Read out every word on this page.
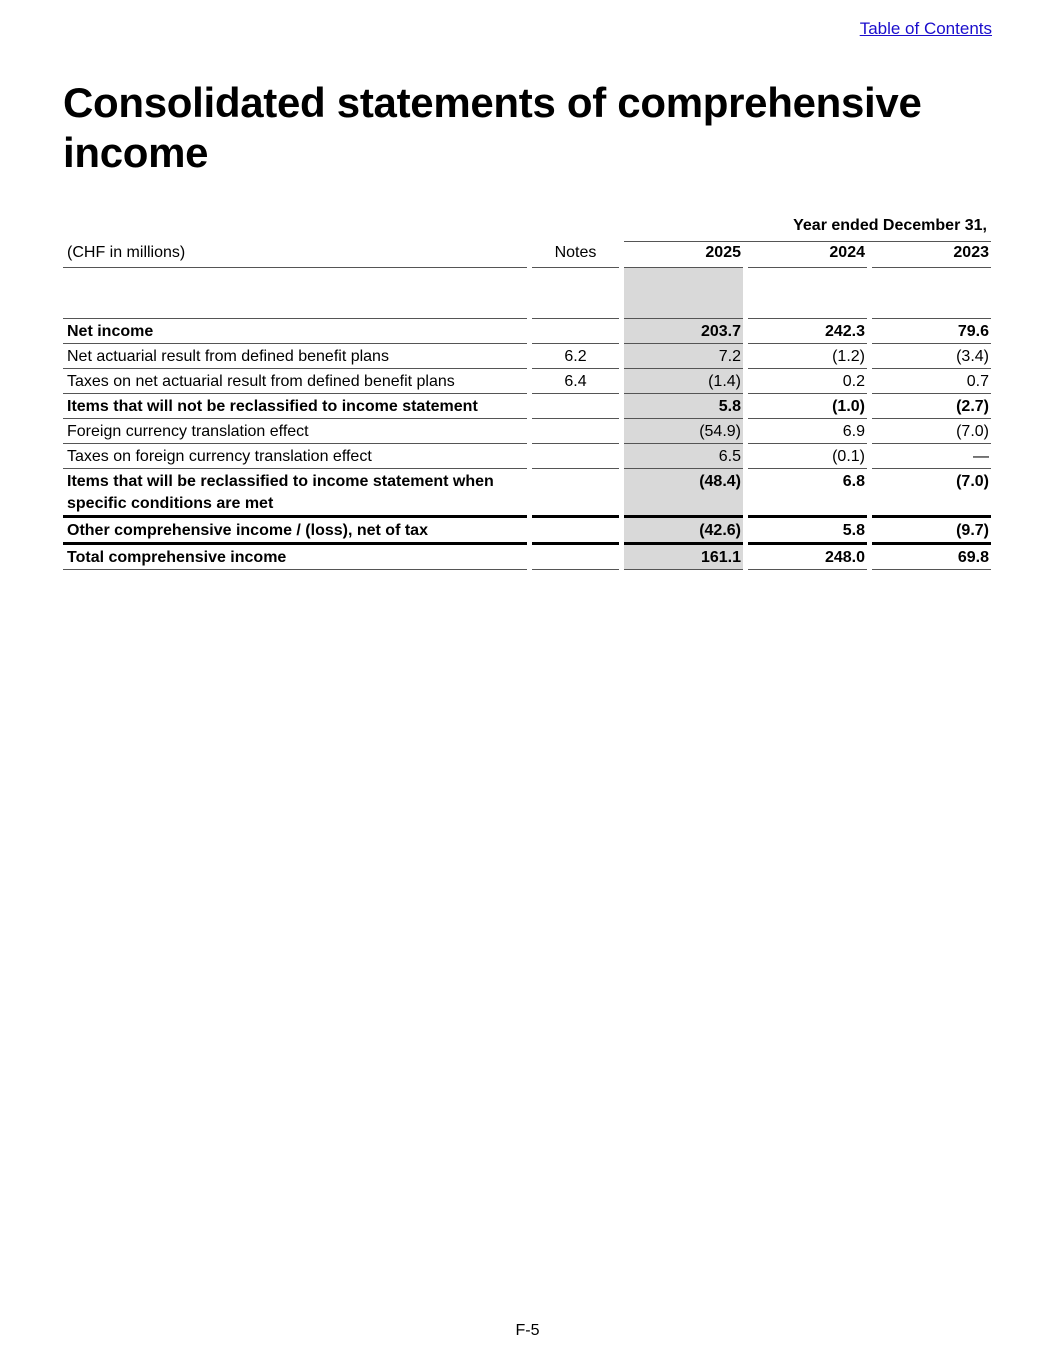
Table of Contents
Consolidated statements of comprehensive income
		Year ended December 31,		
(CHF in millions)	Notes	2025	2024	2023

Net income		203.7	242.3	79.6
Net actuarial result from defined benefit plans	6.2	7.2	(1.2)	(3.4)
Taxes on net actuarial result from defined benefit plans	6.4	(1.4)	0.2	0.7
Items that will not be reclassified to income statement		5.8	(1.0)	(2.7)
Foreign currency translation effect		(54.9)	6.9	(7.0)
Taxes on foreign currency translation effect		6.5	(0.1)	—
Items that will be reclassified to income statement when specific conditions are met		(48.4)	6.8	(7.0)
Other comprehensive income / (loss), net of tax		(42.6)	5.8	(9.7)
Total comprehensive income		161.1	248.0	69.8
F-5
